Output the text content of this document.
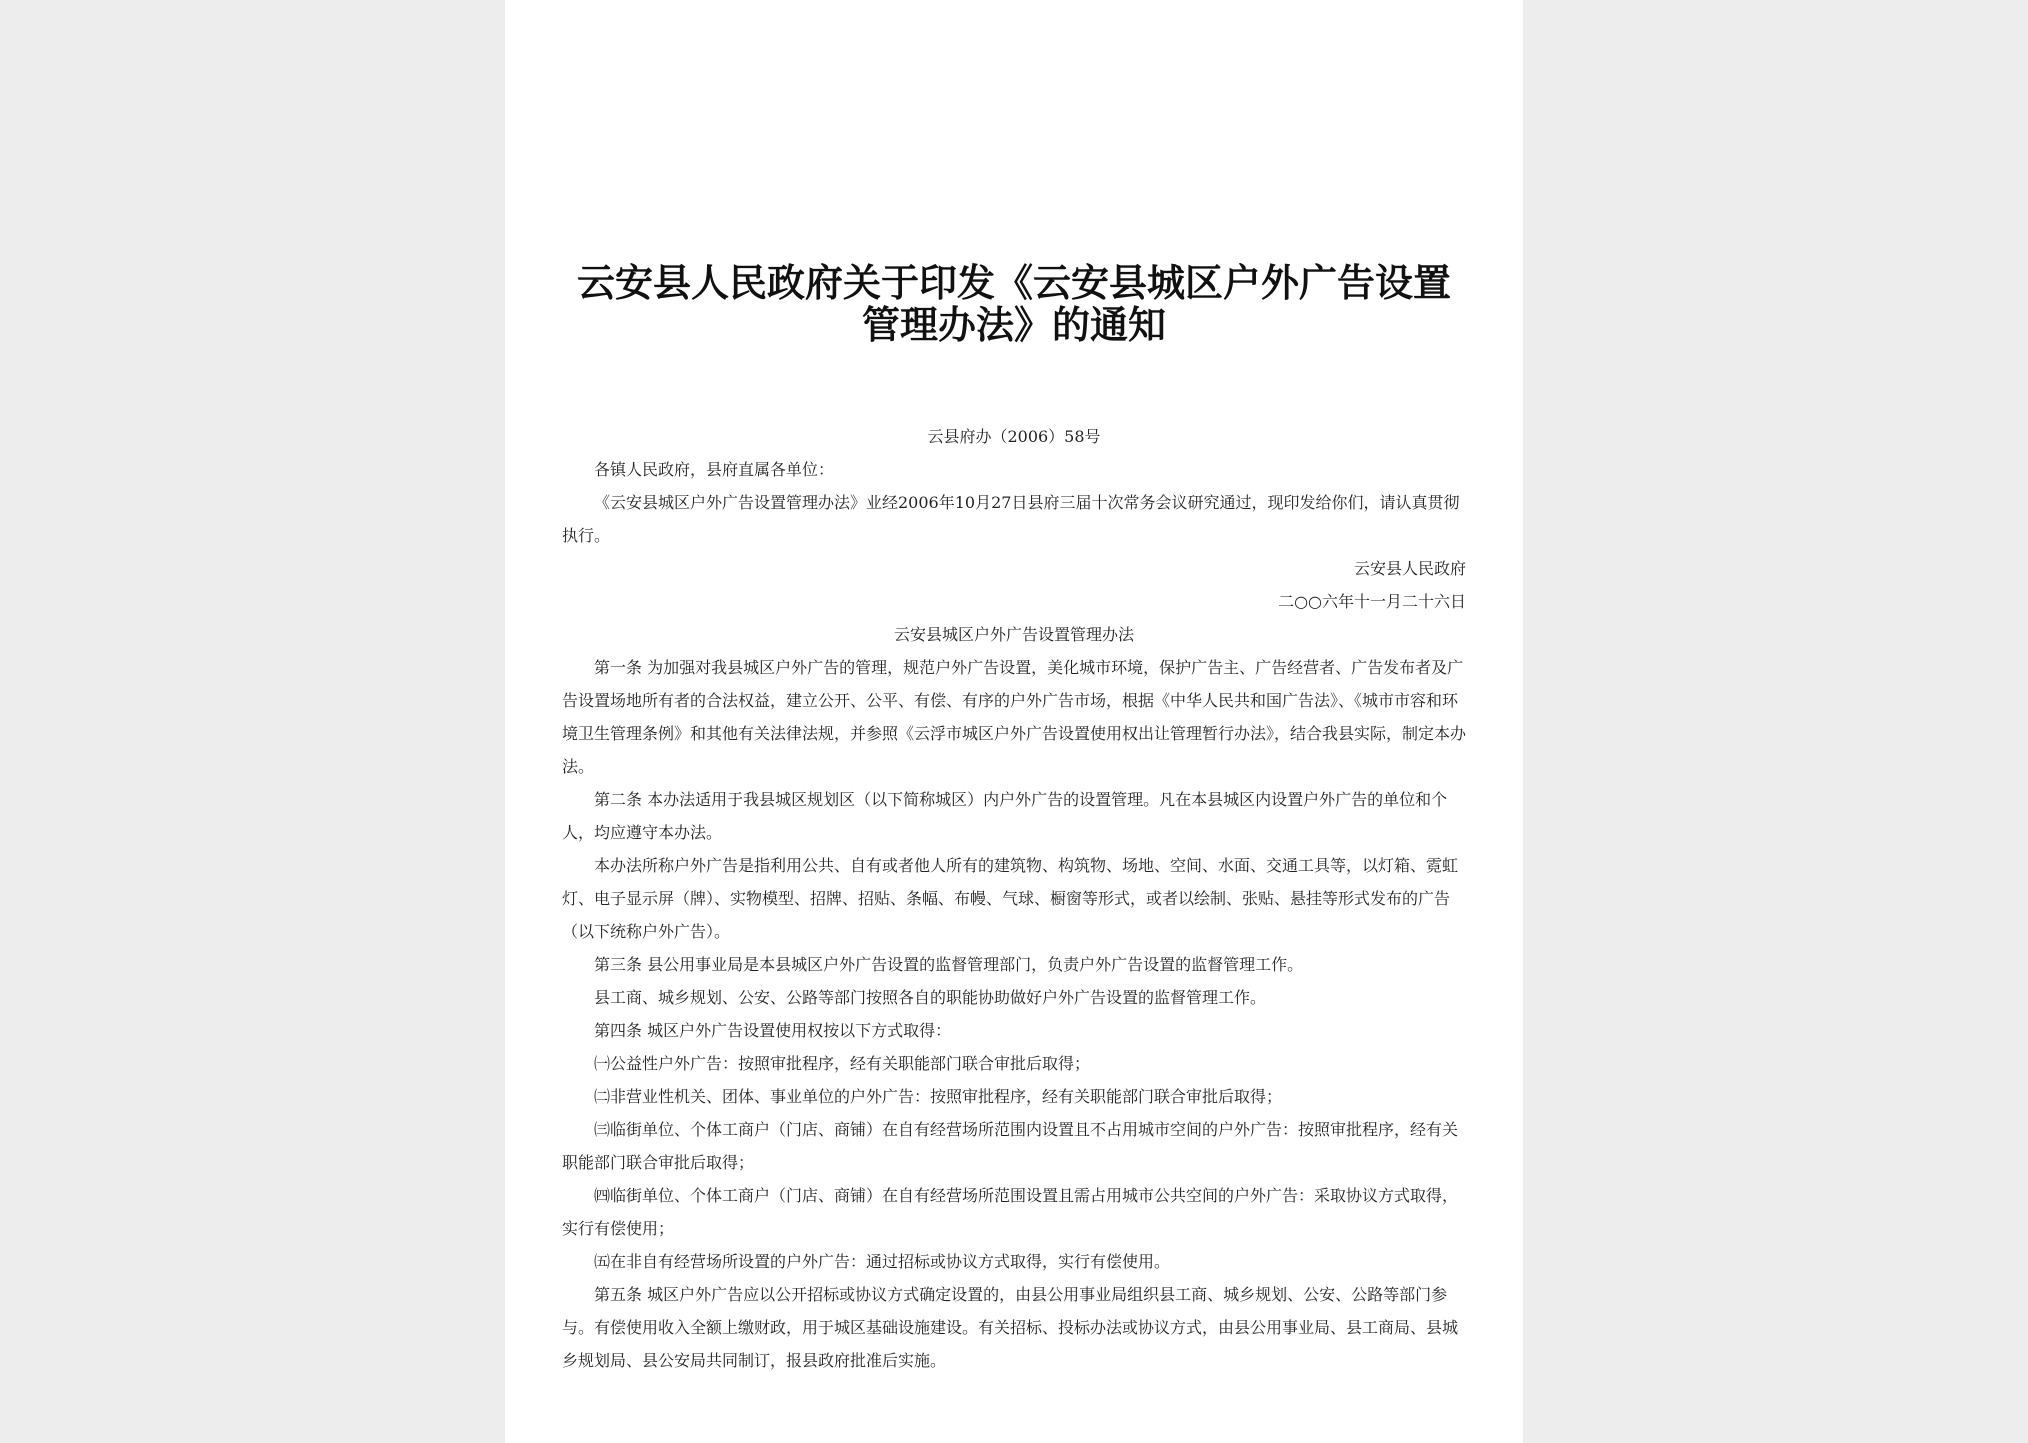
云安县人民政府关于印发《云安县城区户外广告设置
管理办法》的通知

云县府办（2006）58号

各镇人民政府，县府直属各单位：

《云安县城区户外广告设置管理办法》业经2006年10月27日县府三届十次常务会议研究通过，现印发给你们，请认真贯彻执行。

云安县人民政府

二○○六年十一月二十六日

云安县城区户外广告设置管理办法

第一条 为加强对我县城区户外广告的管理，规范户外广告设置，美化城市环境，保护广告主、广告经营者、广告发布者及广告设置场地所有者的合法权益，建立公开、公平、有偿、有序的户外广告市场，根据《中华人民共和国广告法》、《城市市容和环境卫生管理条例》和其他有关法律法规，并参照《云浮市城区户外广告设置使用权出让管理暂行办法》，结合我县实际，制定本办法。

第二条 本办法适用于我县城区规划区（以下简称城区）内户外广告的设置管理。凡在本县城区内设置户外广告的单位和个人，均应遵守本办法。

本办法所称户外广告是指利用公共、自有或者他人所有的建筑物、构筑物、场地、空间、水面、交通工具等，以灯箱、霓虹灯、电子显示屏（牌）、实物模型、招牌、招贴、条幅、布幔、气球、橱窗等形式，或者以绘制、张贴、悬挂等形式发布的广告（以下统称户外广告）。

第三条 县公用事业局是本县城区户外广告设置的监督管理部门，负责户外广告设置的监督管理工作。

县工商、城乡规划、公安、公路等部门按照各自的职能协助做好户外广告设置的监督管理工作。

第四条 城区户外广告设置使用权按以下方式取得：

㈠公益性户外广告：按照审批程序，经有关职能部门联合审批后取得；

㈡非营业性机关、团体、事业单位的户外广告：按照审批程序，经有关职能部门联合审批后取得；

㈢临街单位、个体工商户（门店、商铺）在自有经营场所范围内设置且不占用城市空间的户外广告：按照审批程序，经有关职能部门联合审批后取得；

㈣临街单位、个体工商户（门店、商铺）在自有经营场所范围设置且需占用城市公共空间的户外广告：采取协议方式取得，实行有偿使用；

㈤在非自有经营场所设置的户外广告：通过招标或协议方式取得，实行有偿使用。

第五条 城区户外广告应以公开招标或协议方式确定设置的，由县公用事业局组织县工商、城乡规划、公安、公路等部门参与。有偿使用收入全额上缴财政，用于城区基础设施建设。有关招标、投标办法或协议方式，由县公用事业局、县工商局、县城乡规划局、县公安局共同制订，报县政府批准后实施。
